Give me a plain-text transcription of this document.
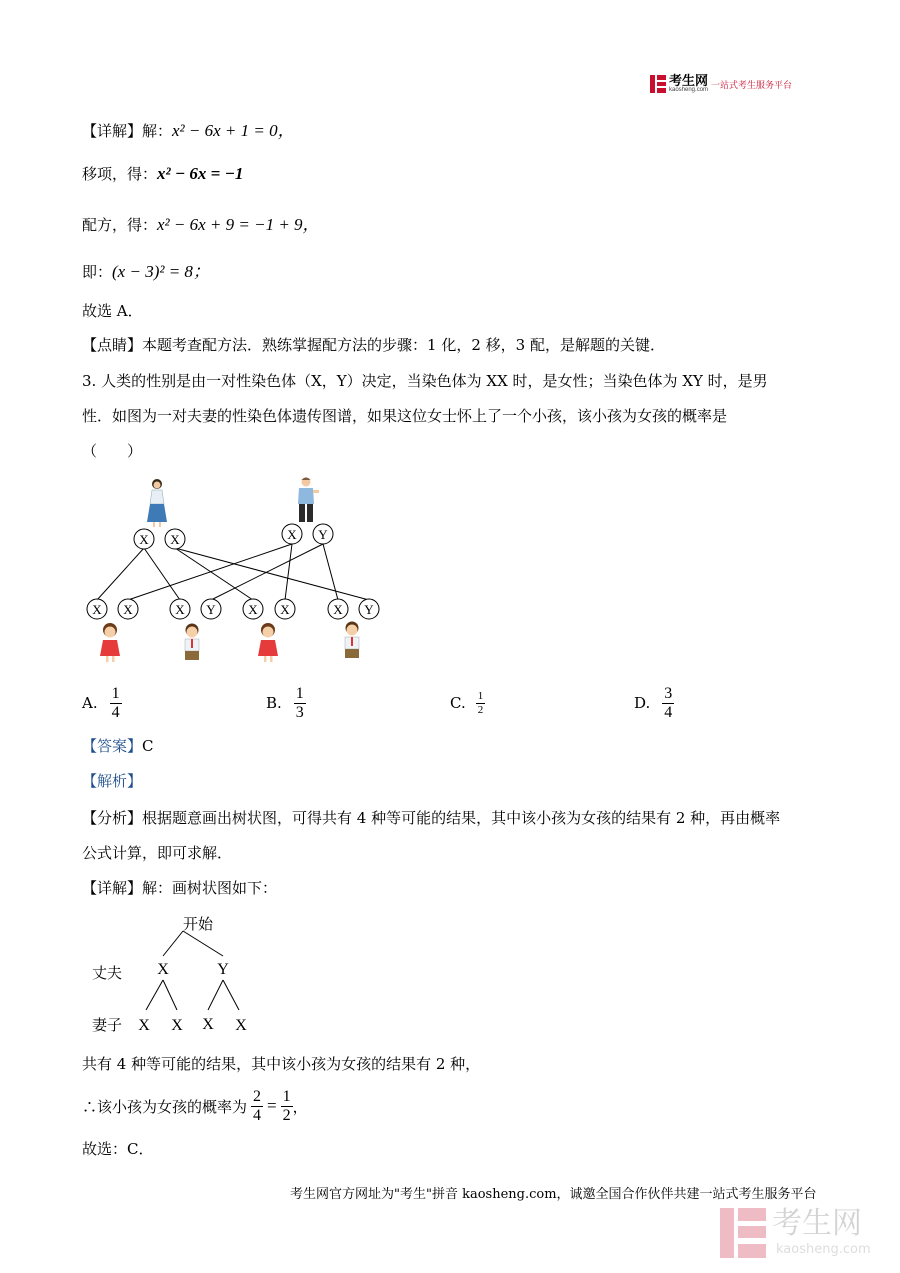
考生网
kaosheng.com 一站式考生服务平台
【详解】解：x² − 6x + 1 = 0，
移项，得：x² − 6x = −1
配方，得：x² − 6x + 9 = −1 + 9，
即：(x − 3)² = 8；
故选 A．
【点睛】本题考查配方法．熟练掌握配方法的步骤：1 化，2 移，3 配，是解题的关键．
3. 人类的性别是由一对性染色体（X，Y）决定，当染色体为 XX 时，是女性；当染色体为 XY 时，是男
性．如图为一对夫妻的性染色体遗传图谱，如果这位女士怀上了一个小孩，该小孩为女孩的概率是
（　　）
X X	X Y
X X	X Y	X X	X Y
A. $\frac{1}{4}$	B. $\frac{1}{3}$	C. $\frac{1}{2}$	D. $\frac{3}{4}$
【答案】C
【解析】
【分析】根据题意画出树状图，可得共有 4 种等可能的结果，其中该小孩为女孩的结果有 2 种，再由概率
公式计算，即可求解．
【详解】解：画树状图如下：
开始
丈夫 X	Y
妻子 X X X X
共有 4 种等可能的结果，其中该小孩为女孩的结果有 2 种，
∴该小孩为女孩的概率为 $\frac{2}{4} = \frac{1}{2}$ ，
故选：C．
考生网官方网址为"考生"拼音 kaosheng.com，诚邀全国合作伙伴共建一站式考生服务平台
考生网
kaosheng.com
